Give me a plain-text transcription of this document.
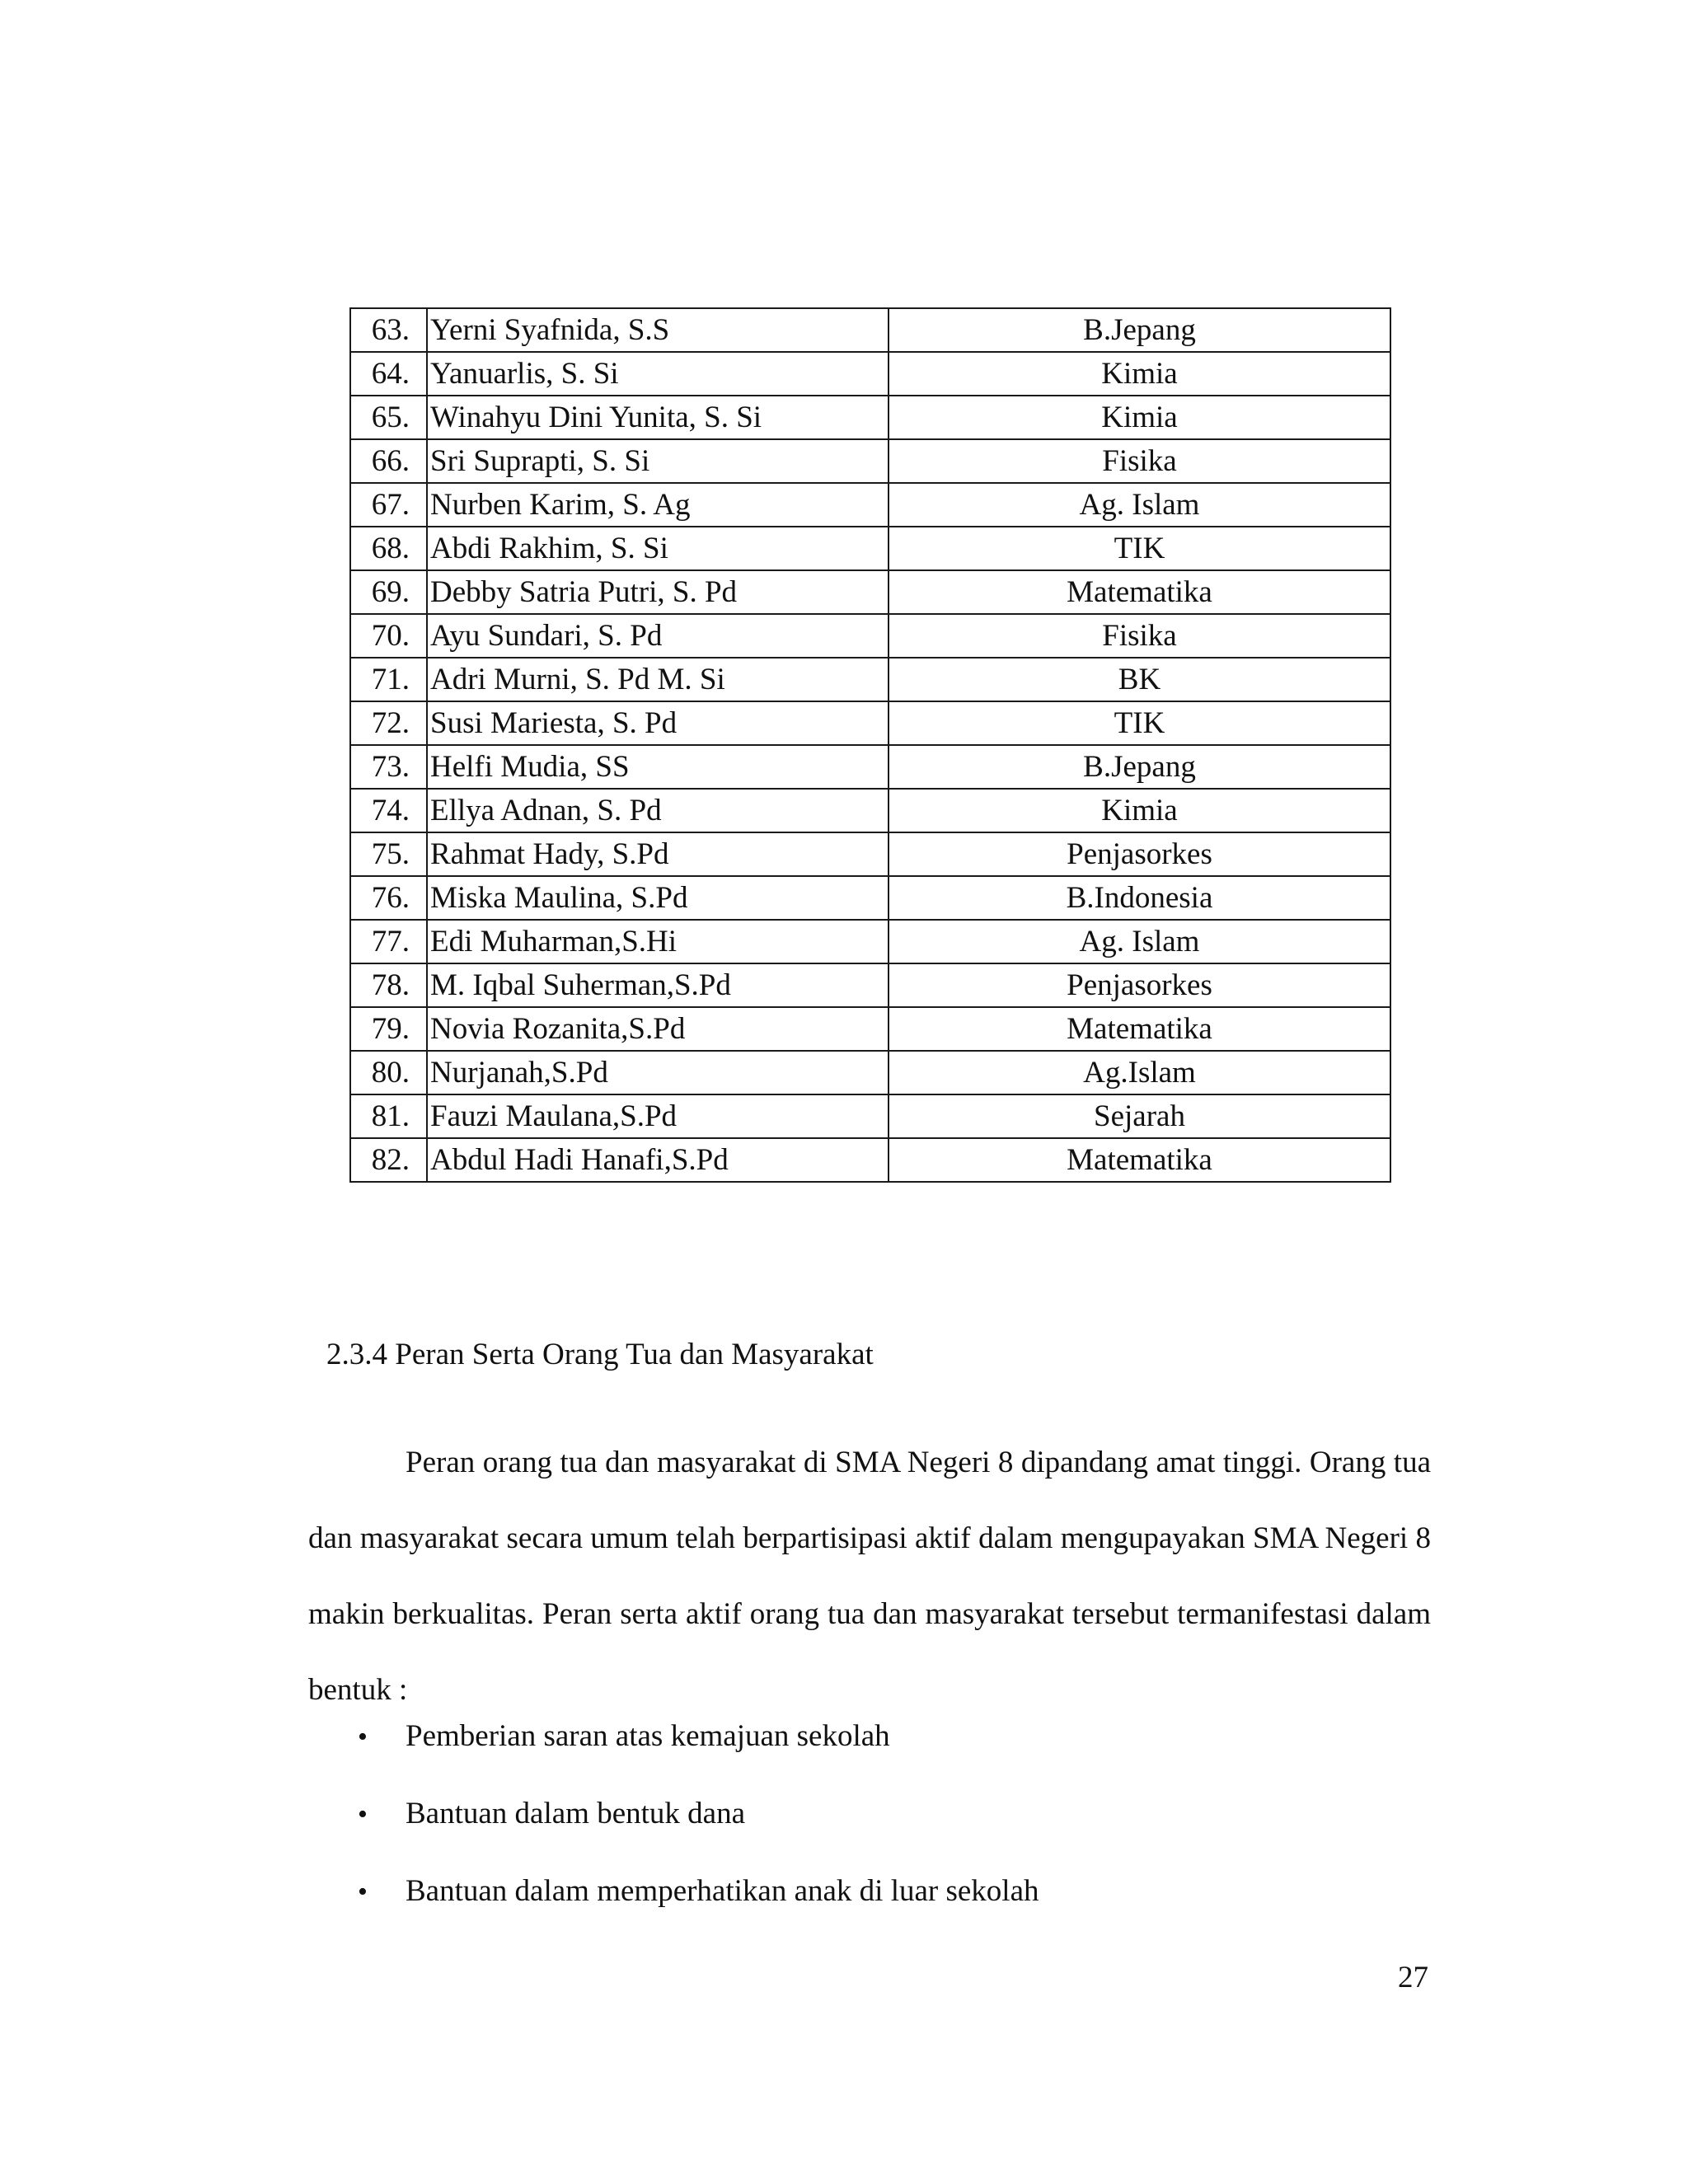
63.	Yerni Syafnida, S.S	B.Jepang
64.	Yanuarlis, S. Si	Kimia
65.	Winahyu Dini Yunita, S. Si	Kimia
66.	Sri Suprapti, S. Si	Fisika
67.	Nurben Karim, S. Ag	Ag. Islam
68.	Abdi Rakhim, S. Si	TIK
69.	Debby Satria Putri, S. Pd	Matematika
70.	Ayu Sundari, S. Pd	Fisika
71.	Adri Murni, S. Pd M. Si	BK
72.	Susi Mariesta, S. Pd	TIK
73.	Helfi Mudia, SS	B.Jepang
74.	Ellya Adnan, S. Pd	Kimia
75.	Rahmat Hady, S.Pd	Penjasorkes
76.	Miska Maulina, S.Pd	B.Indonesia
77.	Edi Muharman,S.Hi	Ag. Islam
78.	M. Iqbal Suherman,S.Pd	Penjasorkes
79.	Novia Rozanita,S.Pd	Matematika
80.	Nurjanah,S.Pd	Ag.Islam
81.	Fauzi Maulana,S.Pd	Sejarah
82.	Abdul Hadi Hanafi,S.Pd	Matematika
2.3.4 Peran Serta Orang Tua dan Masyarakat

Peran orang tua dan masyarakat di SMA Negeri 8 dipandang amat tinggi. Orang tua dan masyarakat secara umum telah berpartisipasi aktif dalam mengupayakan SMA Negeri 8 makin berkualitas. Peran serta aktif orang tua dan masyarakat tersebut termanifestasi dalam bentuk :

• Pemberian saran atas kemajuan sekolah
• Bantuan dalam bentuk dana
• Bantuan dalam memperhatikan anak di luar sekolah
27
